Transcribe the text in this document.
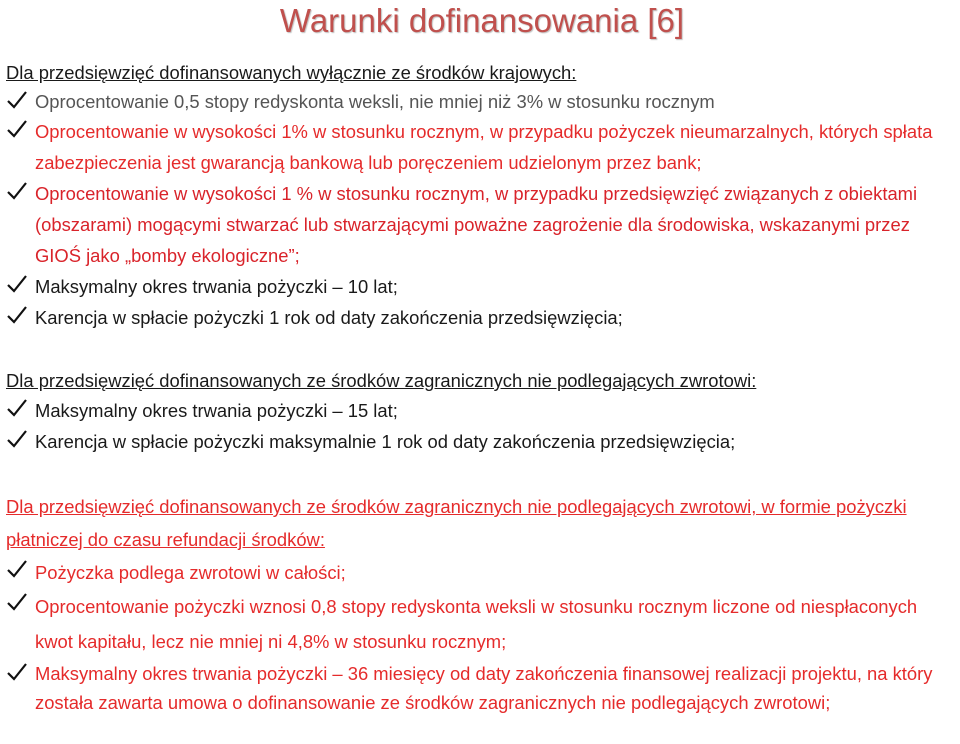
Warunki dofinansowania [6]
Dla przedsięwzięć dofinansowanych wyłącznie ze środków krajowych:
Oprocentowanie 0,5 stopy redyskonta weksli, nie mniej niż 3% w stosunku rocznym
Oprocentowanie w wysokości 1% w stosunku rocznym, w przypadku pożyczek nieumarzalnych, których spłata zabezpieczenia jest gwarancją bankową lub poręczeniem udzielonym przez bank;
Oprocentowanie w wysokości 1 % w stosunku rocznym, w przypadku przedsięwzięć związanych z obiektami (obszarami) mogącymi stwarzać lub stwarzającymi poważne zagrożenie dla środowiska, wskazanymi przez GIOŚ jako „bomby ekologiczne”;
Maksymalny okres trwania pożyczki – 10 lat;
Karencja w spłacie pożyczki 1 rok od daty zakończenia przedsięwzięcia;
Dla przedsięwzięć dofinansowanych ze środków zagranicznych nie podlegających zwrotowi:
Maksymalny okres trwania pożyczki – 15 lat;
Karencja w spłacie pożyczki maksymalnie 1 rok od daty zakończenia przedsięwzięcia;
Dla przedsięwzięć dofinansowanych ze środków zagranicznych nie podlegających zwrotowi, w formie pożyczki płatniczej do czasu refundacji środków:
Pożyczka podlega zwrotowi w całości;
Oprocentowanie pożyczki wznosi 0,8 stopy redyskonta weksli w stosunku rocznym liczone od niespłaconych kwot kapitału, lecz nie mniej ni 4,8% w stosunku rocznym;
Maksymalny okres trwania pożyczki – 36 miesięcy od daty zakończenia finansowej realizacji projektu, na który została zawarta umowa o dofinansowanie ze środków zagranicznych nie podlegających zwrotowi;
